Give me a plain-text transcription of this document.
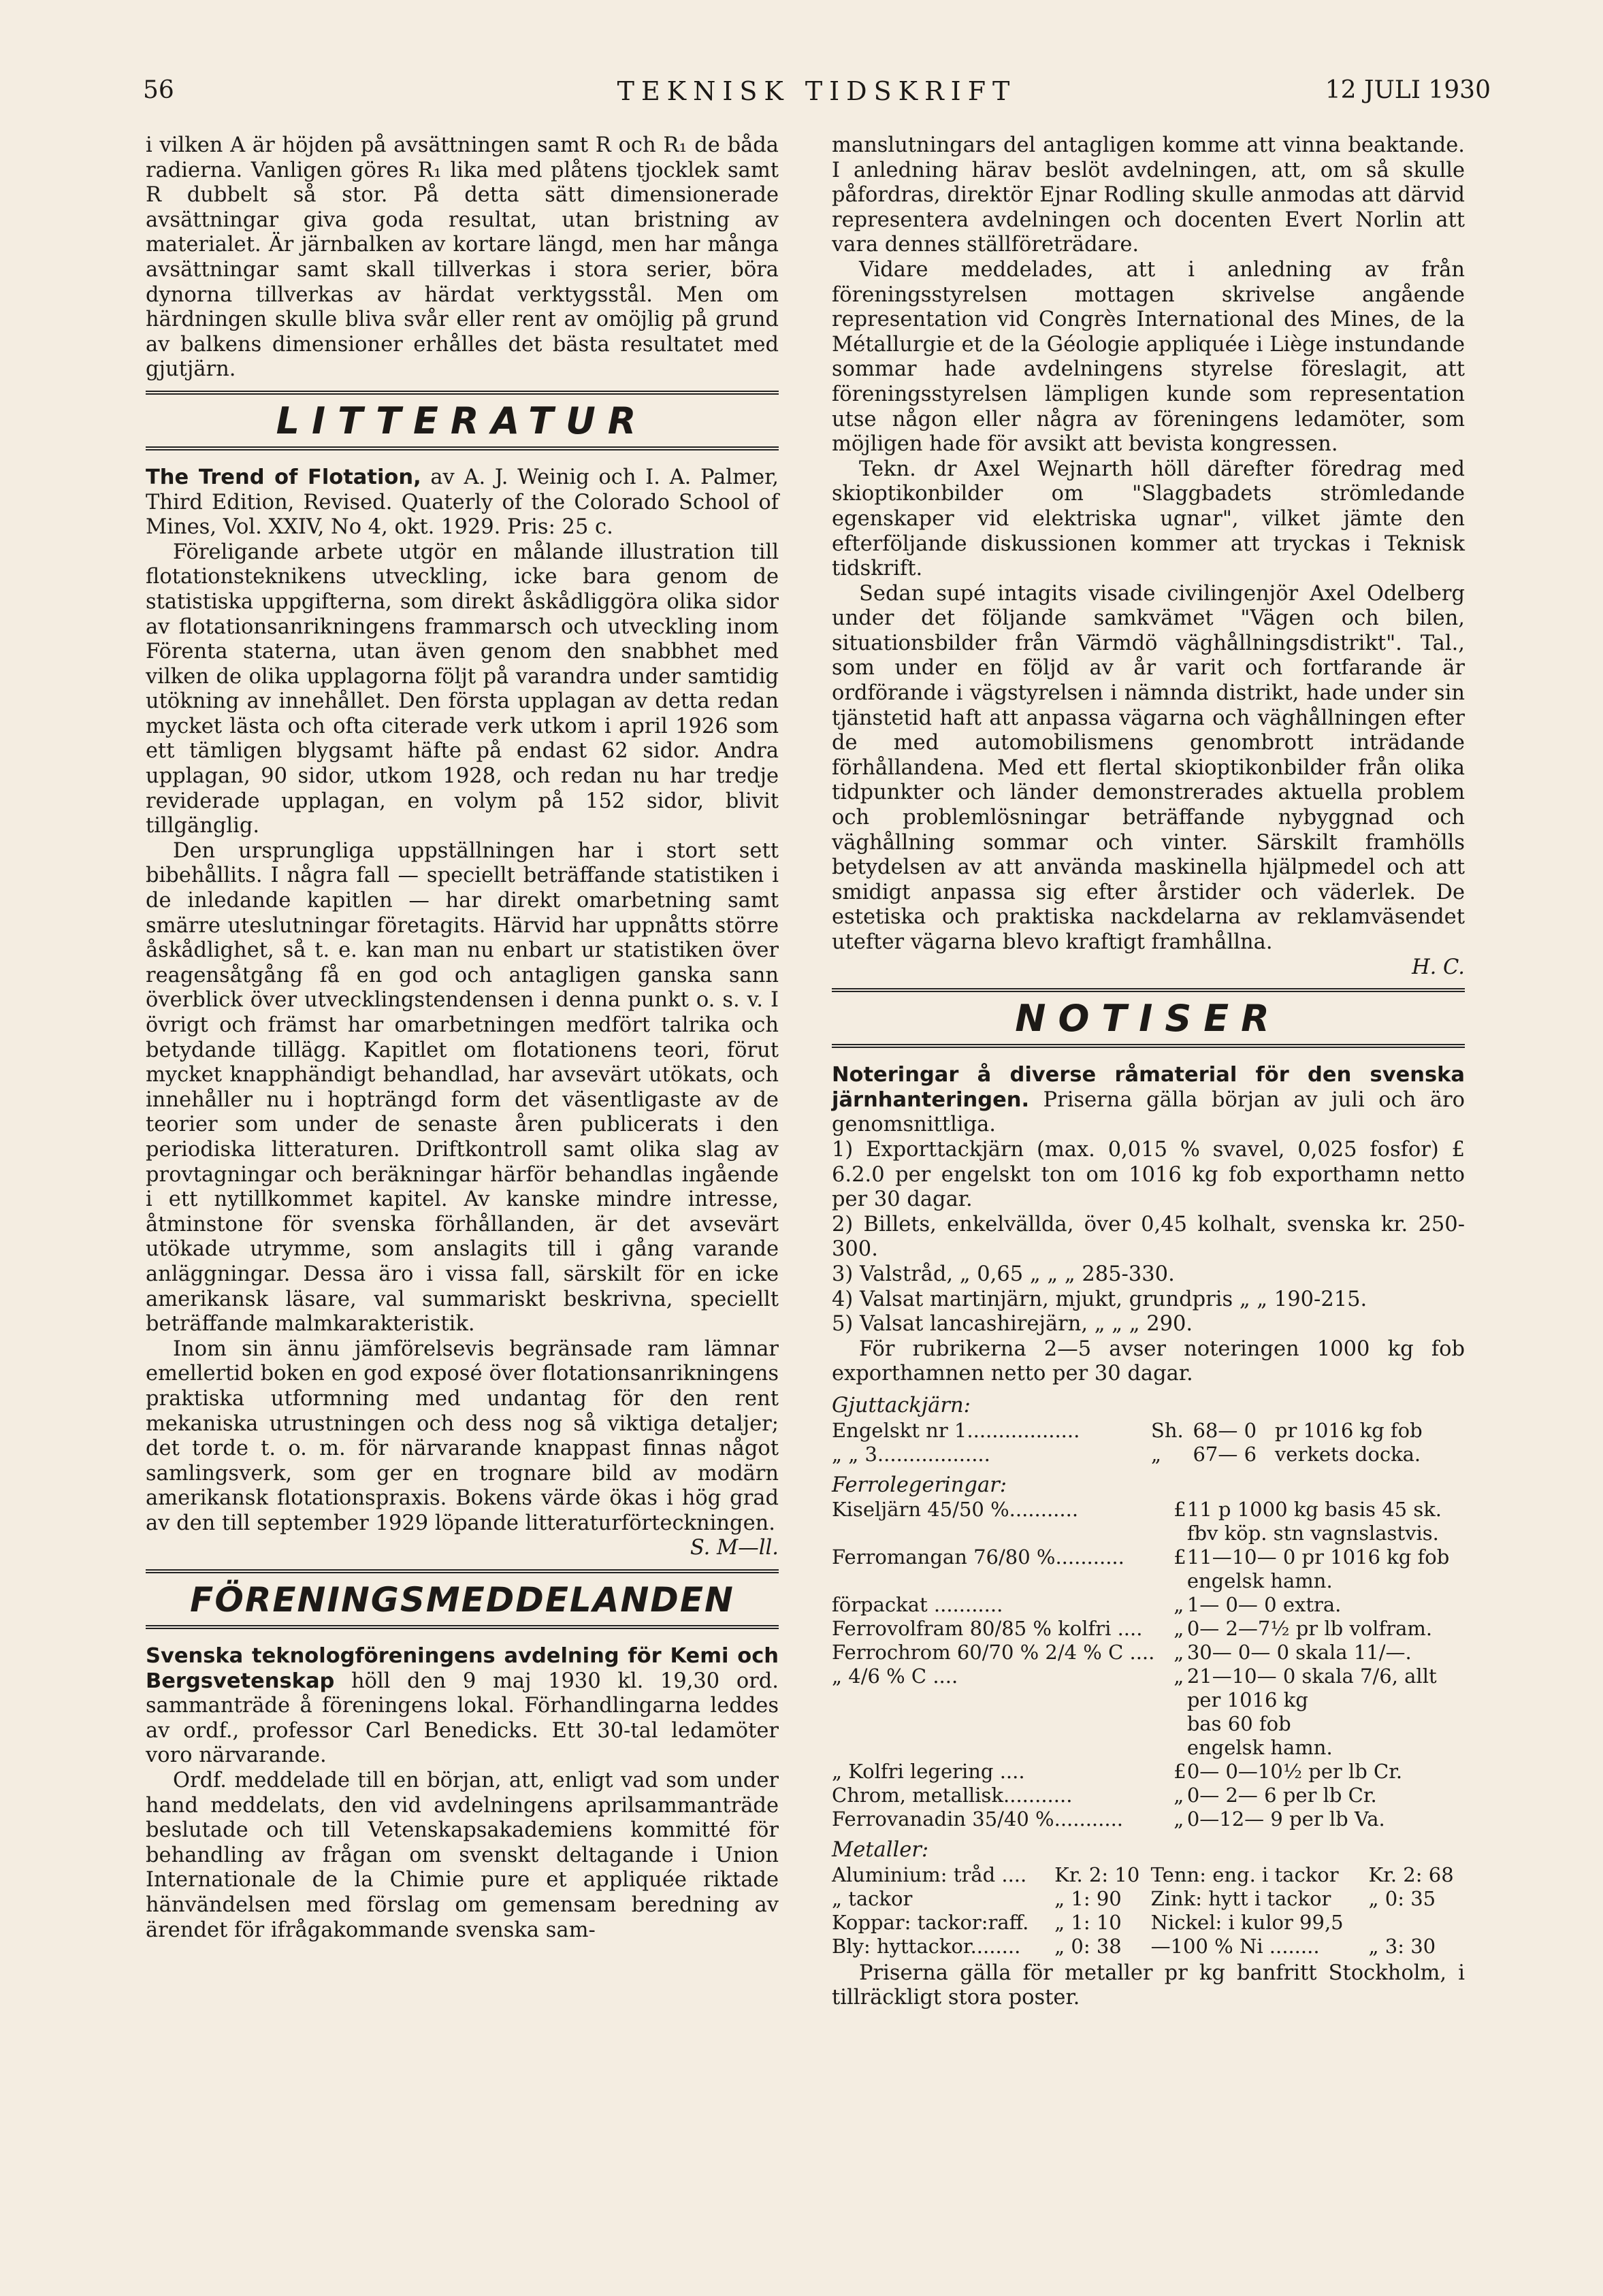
56	TEKNISK TIDSKRIFT	12 JULI 1930

i vilken A är höjden på avsättningen samt R och R₁ de båda radierna. Vanligen göres R₁ lika med plåtens tjocklek samt R dubbelt så stor. På detta sätt dimensionerade avsättningar giva goda resultat, utan bristning av materialet. Är järnbalken av kortare längd, men har många avsättningar samt skall tillverkas i stora serier, böra dynorna tillverkas av härdat verktygsstål. Men om härdningen skulle bliva svår eller rent av omöjlig på grund av balkens dimensioner erhålles det bästa resultatet med gjutjärn.

LITTERATUR

The Trend of Flotation, av A. J. Weinig och I. A. Palmer, Third Edition, Revised. Quaterly of the Colorado School of Mines, Vol. XXIV, No 4, okt. 1929. Pris: 25 c.

Föreligande arbete utgör en målande illustration till flotationsteknikens utveckling, icke bara genom de statistiska uppgifterna, som direkt åskådliggöra olika sidor av flotationsanrikningens frammarsch och utveckling inom Förenta staterna, utan även genom den snabbhet med vilken de olika upplagorna följt på varandra under samtidig utökning av innehållet. Den första upplagan av detta redan mycket lästa och ofta citerade verk utkom i april 1926 som ett tämligen blygsamt häfte på endast 62 sidor. Andra upplagan, 90 sidor, utkom 1928, och redan nu har tredje reviderade upplagan, en volym på 152 sidor, blivit tillgänglig.

Den ursprungliga uppställningen har i stort sett bibehållits. I några fall — speciellt beträffande statistiken i de inledande kapitlen — har direkt omarbetning samt smärre uteslutningar företagits. Härvid har uppnåtts större åskådlighet, så t. e. kan man nu enbart ur statistiken över reagensåtgång få en god och antagligen ganska sann överblick över utvecklingstendensen i denna punkt o. s. v. I övrigt och främst har omarbetningen medfört talrika och betydande tillägg. Kapitlet om flotationens teori, förut mycket knapphändigt behandlad, har avsevärt utökats, och innehåller nu i hopträngd form det väsentligaste av de teorier som under de senaste åren publicerats i den periodiska litteraturen. Driftkontroll samt olika slag av provtagningar och beräkningar härför behandlas ingående i ett nytillkommet kapitel. Av kanske mindre intresse, åtminstone för svenska förhållanden, är det avsevärt utökade utrymme, som anslagits till i gång varande anläggningar. Dessa äro i vissa fall, särskilt för en icke amerikansk läsare, val summariskt beskrivna, speciellt beträffande malmkarakteristik.

Inom sin ännu jämförelsevis begränsade ram lämnar emellertid boken en god exposé över flotationsanrikningens praktiska utformning med undantag för den rent mekaniska utrustningen och dess nog så viktiga detaljer; det torde t. o. m. för närvarande knappast finnas något samlingsverk, som ger en trognare bild av modärn amerikansk flotationspraxis. Bokens värde ökas i hög grad av den till september 1929 löpande litteraturförteckningen.

S. M—ll.

FÖRENINGSMEDDELANDEN

Svenska teknologföreningens avdelning för Kemi och Bergsvetenskap höll den 9 maj 1930 kl. 19,30 ord. sammanträde å föreningens lokal. Förhandlingarna leddes av ordf., professor Carl Benedicks. Ett 30-tal ledamöter voro närvarande.

Ordf. meddelade till en början, att, enligt vad som under hand meddelats, den vid avdelningens aprilsammanträde beslutade och till Vetenskapsakademiens kommitté för behandling av frågan om svenskt deltagande i Union Internationale de la Chimie pure et appliquée riktade hänvändelsen med förslag om gemensam beredning av ärendet för ifrågakommande svenska sam-

manslutningars del antagligen komme att vinna beaktande. I anledning härav beslöt avdelningen, att, om så skulle påfordras, direktör Ejnar Rodling skulle anmodas att därvid representera avdelningen och docenten Evert Norlin att vara dennes ställföreträdare.

Vidare meddelades, att i anledning av från föreningsstyrelsen mottagen skrivelse angående representation vid Congrès International des Mines, de la Métallurgie et de la Géologie appliquée i Liège instundande sommar hade avdelningens styrelse föreslagit, att föreningsstyrelsen lämpligen kunde som representation utse någon eller några av föreningens ledamöter, som möjligen hade för avsikt att bevista kongressen.

Tekn. dr Axel Wejnarth höll därefter föredrag med skioptikonbilder om "Slaggbadets strömledande egenskaper vid elektriska ugnar", vilket jämte den efterföljande diskussionen kommer att tryckas i Teknisk tidskrift.

Sedan supé intagits visade civilingenjör Axel Odelberg under det följande samkvämet "Vägen och bilen, situationsbilder från Värmdö väghållningsdistrikt". Tal., som under en följd av år varit och fortfarande är ordförande i vägstyrelsen i nämnda distrikt, hade under sin tjänstetid haft att anpassa vägarna och väghållningen efter de med automobilismens genombrott inträdande förhållandena. Med ett flertal skioptikonbilder från olika tidpunkter och länder demonstrerades aktuella problem och problemlösningar beträffande nybyggnad och väghållning sommar och vinter. Särskilt framhölls betydelsen av att använda maskinella hjälpmedel och att smidigt anpassa sig efter årstider och väderlek. De estetiska och praktiska nackdelarna av reklamväsendet utefter vägarna blevo kraftigt framhållna.

H. C.

NOTISER

Noteringar å diverse råmaterial för den svenska järnhanteringen. Priserna gälla början av juli och äro genomsnittliga.

1) Exporttackjärn (max. 0,015 % svavel, 0,025 fosfor) £ 6.2.0 per engelskt ton om 1016 kg fob exporthamn netto per 30 dagar.
2) Billets, enkelvällda, över 0,45 kolhalt, svenska kr. 250-300.
3) Valstråd, „ 0,65 „ „ „ 285-330.
4) Valsat martinjärn, mjukt, grundpris „ „ 190-215.
5) Valsat lancashirejärn, „ „ „ 290.

För rubrikerna 2—5 avser noteringen 1000 kg fob exporthamnen netto per 30 dagar.

Gjuttackjärn:
Engelskt nr 1..................	Sh.	68— 0	pr 1016 kg fob
„ „ 3..................	„	67— 6	verkets docka.
Ferrolegeringar:
Kiseljärn 45/50 %...........	£	11 p 1000 kg basis 45 sk.
		fbv köp. stn vagnslastvis.
Ferromangan 76/80 %...........	£	11—10— 0 pr 1016 kg fob
		engelsk hamn.
förpackat ...........	„	1— 0— 0 extra.
Ferrovolfram 80/85 % kolfri ....	„	0— 2—7½ pr lb volfram.
Ferrochrom 60/70 % 2/4 % C ....	„	30— 0— 0 skala 11/—.
„ 4/6 % C ....	„	21—10— 0 skala 7/6, allt
		per 1016 kg
		bas 60 fob
		engelsk hamn.
„ Kolfri legering ....	£	0— 0—10½ per lb Cr.
Chrom, metallisk...........	„	0— 2— 6 per lb Cr.
Ferrovanadin 35/40 %...........	„	0—12— 9 per lb Va.
Metaller:
Aluminium: tråd ....	Kr. 2: 10	Tenn: eng. i tackor	Kr. 2: 68
„ tackor	„ 1: 90	Zink: hytt i tackor	„ 0: 35
Koppar: tackor:raff.	„ 1: 10	Nickel: i kulor 99,5	
Bly: hyttackor........	„ 0: 38	—100 % Ni ........	„ 3: 30

Priserna gälla för metaller pr kg banfritt Stockholm, i tillräckligt stora poster.
